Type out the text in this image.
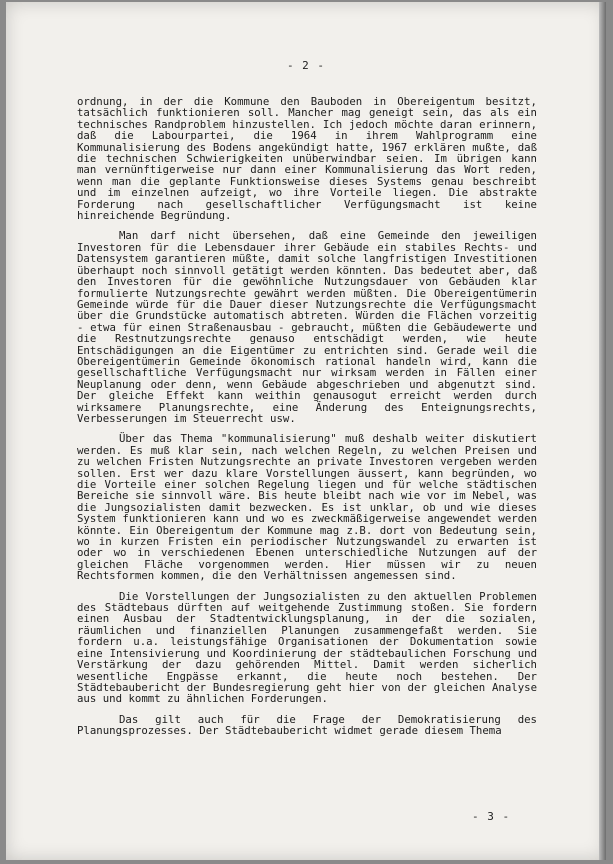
- 2 -

ordnung, in der die Kommune den Bauboden in Obereigentum besitzt, tatsächlich funktionieren soll. Mancher mag geneigt sein, das als ein technisches Randproblem hinzustellen. Ich jedoch möchte daran erinnern, daß die Labourpartei, die 1964 in ihrem Wahlprogramm eine Kommunalisierung des Bodens angekündigt hatte, 1967 erklären mußte, daß die technischen Schwierigkeiten unüberwindbar seien. Im übrigen kann man vernünftigerweise nur dann einer Kommunalisierung das Wort reden, wenn man die geplante Funktionsweise dieses Systems genau beschreibt und im einzelnen aufzeigt, wo ihre Vorteile liegen. Die abstrakte Forderung nach gesellschaftlicher Verfügungsmacht ist keine hinreichende Begründung.

Man darf nicht übersehen, daß eine Gemeinde den jeweiligen Investoren für die Lebensdauer ihrer Gebäude ein stabiles Rechts- und Datensystem garantieren müßte, damit solche langfristigen Investitionen überhaupt noch sinnvoll getätigt werden könnten. Das bedeutet aber, daß den Investoren für die gewöhnliche Nutzungsdauer von Gebäuden klar formulierte Nutzungsrechte gewährt werden müßten. Die Obereigentümerin Gemeinde würde für die Dauer dieser Nutzungsrechte die Verfügungsmacht über die Grundstücke automatisch abtreten. Würden die Flächen vorzeitig - etwa für einen Straßenausbau - gebraucht, müßten die Gebäudewerte und die Restnutzungsrechte genauso entschädigt werden, wie heute Entschädigungen an die Eigentümer zu entrichten sind. Gerade weil die Obereigentümerin Gemeinde ökonomisch rational handeln wird, kann die gesellschaftliche Verfügungsmacht nur wirksam werden in Fällen einer Neuplanung oder denn, wenn Gebäude abgeschrieben und abgenutzt sind. Der gleiche Effekt kann weithin genausogut erreicht werden durch wirksamere Planungsrechte, eine Änderung des Enteignungsrechts, Verbesserungen im Steuerrecht usw.

Über das Thema "kommunalisierung" muß deshalb weiter diskutiert werden. Es muß klar sein, nach welchen Regeln, zu welchen Preisen und zu welchen Fristen Nutzungsrechte an private Investoren vergeben werden sollen. Erst wer dazu klare Vorstellungen äussert, kann begründen, wo die Vorteile einer solchen Regelung liegen und für welche städtischen Bereiche sie sinnvoll wäre. Bis heute bleibt nach wie vor im Nebel, was die Jungsozialisten damit bezwecken. Es ist unklar, ob und wie dieses System funktionieren kann und wo es zweckmäßigerweise angewendet werden könnte. Ein Obereigentum der Kommune mag z.B. dort von Bedeutung sein, wo in kurzen Fristen ein periodischer Nutzungswandel zu erwarten ist oder wo in verschiedenen Ebenen unterschiedliche Nutzungen auf der gleichen Fläche vorgenommen werden. Hier müssen wir zu neuen Rechtsformen kommen, die den Verhältnissen angemessen sind.

Die Vorstellungen der Jungsozialisten zu den aktuellen Problemen des Städtebaus dürften auf weitgehende Zustimmung stoßen. Sie fordern einen Ausbau der Stadtentwicklungsplanung, in der die sozialen, räumlichen und finanziellen Planungen zusammengefaßt werden. Sie fordern u.a. leistungsfähige Organisationen der Dokumentation sowie eine Intensivierung und Koordinierung der städtebaulichen Forschung und Verstärkung der dazu gehörenden Mittel. Damit werden sicherlich wesentliche Engpässe erkannt, die heute noch bestehen. Der Städtebaubericht der Bundesregierung geht hier von der gleichen Analyse aus und kommt zu ähnlichen Forderungen.

Das gilt auch für die Frage der Demokratisierung des Planungsprozesses. Der Städtebaubericht widmet gerade diesem Thema

- 3 -
